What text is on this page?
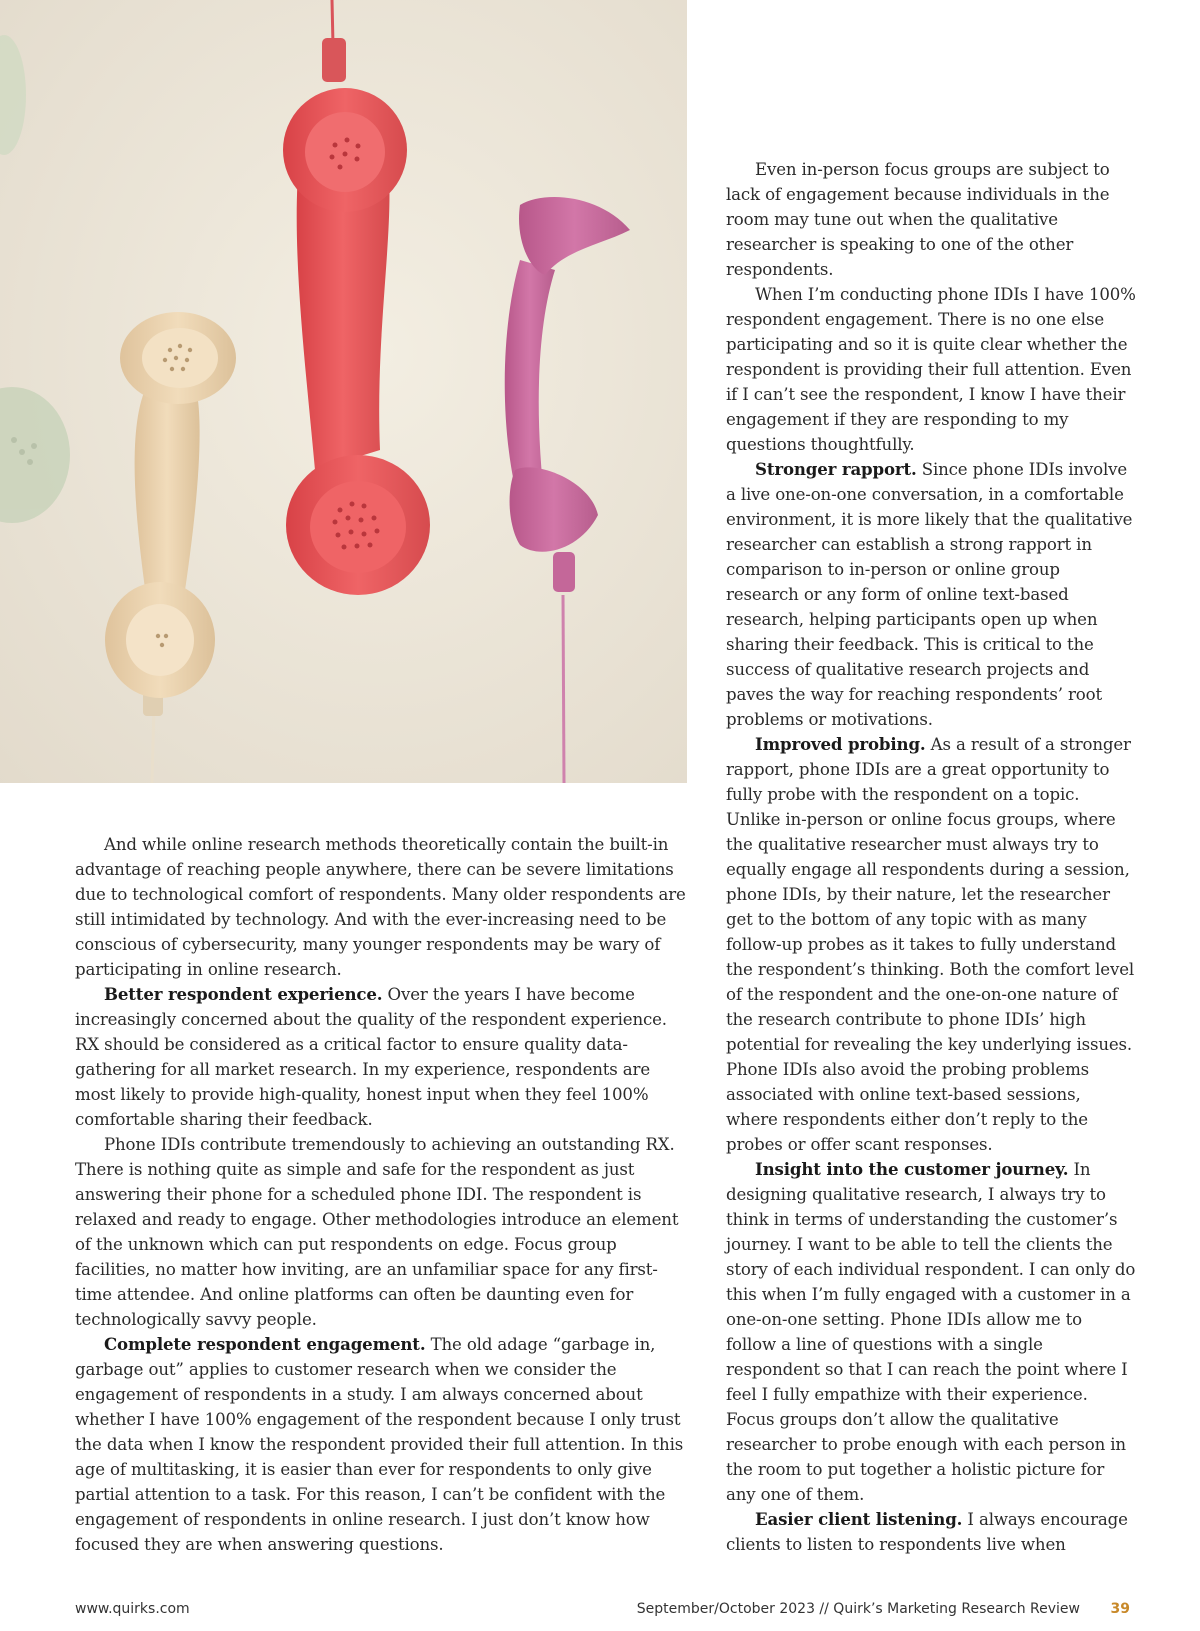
And while online research methods theoretically contain the built-in advantage of reaching people anywhere, there can be severe limitations due to technological comfort of respondents. Many older respondents are still intimidated by technology. And with the ever-increasing need to be conscious of cybersecurity, many younger respondents may be wary of participating in online research.

Better respondent experience. Over the years I have become increasingly concerned about the quality of the respondent experience. RX should be considered as a critical factor to ensure quality data-gathering for all market research. In my experience, respondents are most likely to provide high-quality, honest input when they feel 100% comfortable sharing their feedback.

Phone IDIs contribute tremendously to achieving an outstanding RX. There is nothing quite as simple and safe for the respondent as just answering their phone for a scheduled phone IDI. The respondent is relaxed and ready to engage. Other methodologies introduce an element of the unknown which can put respondents on edge. Focus group facilities, no matter how inviting, are an unfamiliar space for any first-time attendee. And online platforms can often be daunting even for technologically savvy people.

Complete respondent engagement. The old adage “garbage in, garbage out” applies to customer research when we consider the engagement of respondents in a study. I am always concerned about whether I have 100% engagement of the respondent because I only trust the data when I know the respondent provided their full attention. In this age of multitasking, it is easier than ever for respondents to only give partial attention to a task. For this reason, I can’t be confident with the engagement of respondents in online research. I just don’t know how focused they are when answering questions.

Even in-person focus groups are subject to lack of engagement because individuals in the room may tune out when the qualitative researcher is speaking to one of the other respondents.

When I’m conducting phone IDIs I have 100% respondent engagement. There is no one else participating and so it is quite clear whether the respondent is providing their full attention. Even if I can’t see the respondent, I know I have their engagement if they are responding to my questions thoughtfully.

Stronger rapport. Since phone IDIs involve a live one-on-one conversation, in a comfortable environment, it is more likely that the qualitative researcher can establish a strong rapport in comparison to in-person or online group research or any form of online text-based research, helping participants open up when sharing their feedback. This is critical to the success of qualitative research projects and paves the way for reaching respondents’ root problems or motivations.

Improved probing. As a result of a stronger rapport, phone IDIs are a great opportunity to fully probe with the respondent on a topic. Unlike in-person or online focus groups, where the qualitative researcher must always try to equally engage all respondents during a session, phone IDIs, by their nature, let the researcher get to the bottom of any topic with as many follow-up probes as it takes to fully understand the respondent’s thinking. Both the comfort level of the respondent and the one-on-one nature of the research contribute to phone IDIs’ high potential for revealing the key underlying issues. Phone IDIs also avoid the probing problems associated with online text-based sessions, where respondents either don’t reply to the probes or offer scant responses.

Insight into the customer journey. In designing qualitative research, I always try to think in terms of understanding the customer’s journey. I want to be able to tell the clients the story of each individual respondent. I can only do this when I’m fully engaged with a customer in a one-on-one setting. Phone IDIs allow me to follow a line of questions with a single respondent so that I can reach the point where I feel I fully empathize with their experience. Focus groups don’t allow the qualitative researcher to probe enough with each person in the room to put together a holistic picture for any one of them.

Easier client listening. I always encourage clients to listen to respondents live when

www.quirks.com	September/October 2023 // Quirk’s Marketing Research Review 39
